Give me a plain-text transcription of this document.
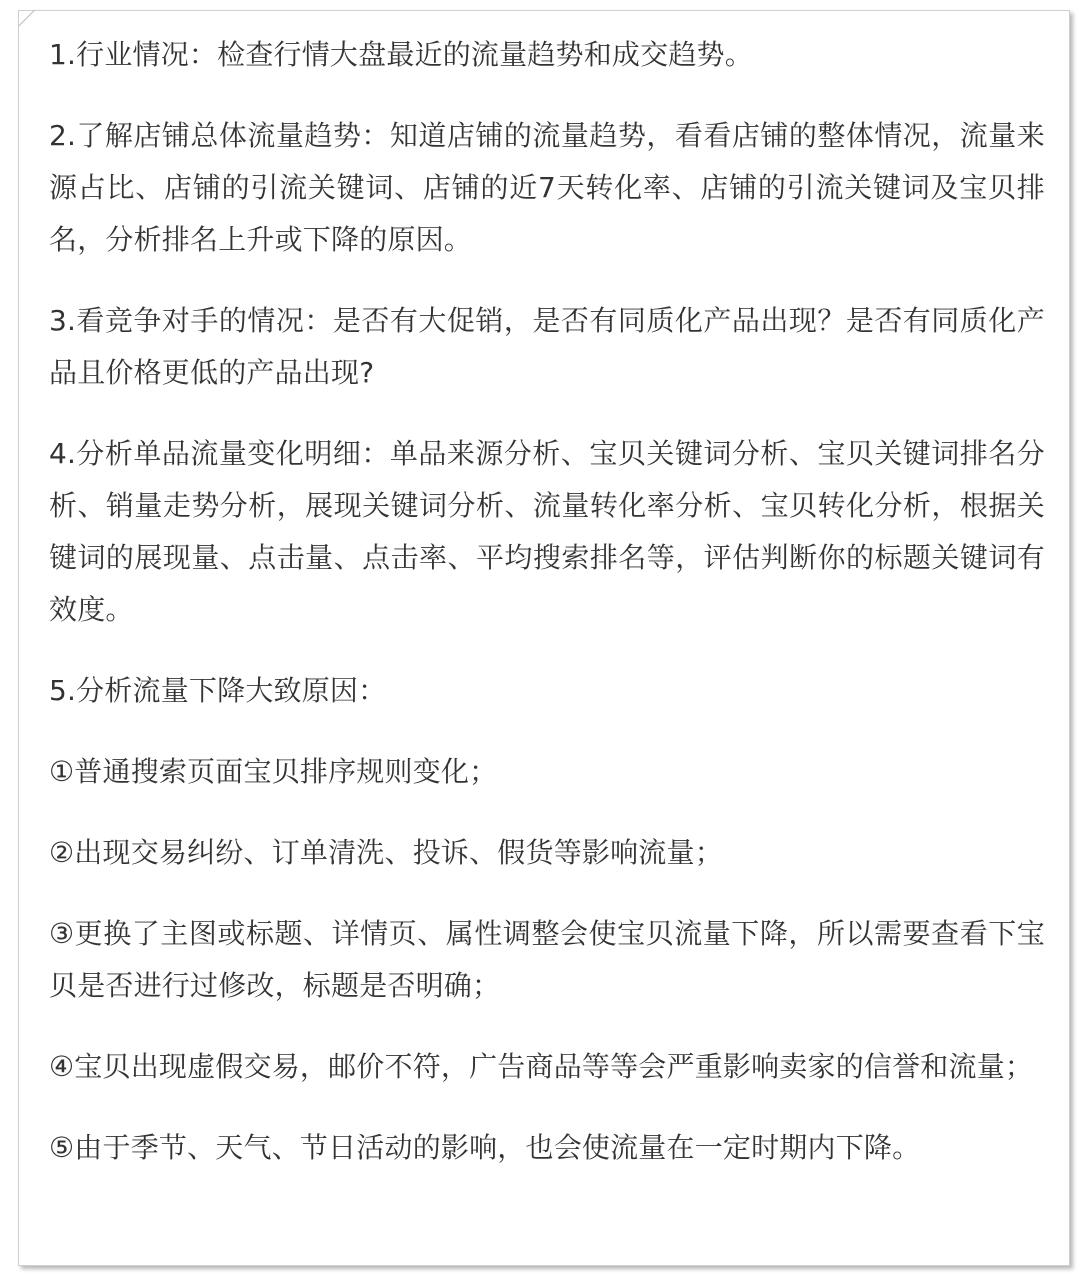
1.行业情况：检查行情大盘最近的流量趋势和成交趋势。

2.了解店铺总体流量趋势：知道店铺的流量趋势，看看店铺的整体情况，流量来源占比、店铺的引流关键词、店铺的近7天转化率、店铺的引流关键词及宝贝排名，分析排名上升或下降的原因。

3.看竞争对手的情况：是否有大促销，是否有同质化产品出现？是否有同质化产品且价格更低的产品出现?

4.分析单品流量变化明细：单品来源分析、宝贝关键词分析、宝贝关键词排名分析、销量走势分析，展现关键词分析、流量转化率分析、宝贝转化分析，根据关键词的展现量、点击量、点击率、平均搜索排名等，评估判断你的标题关键词有效度。

5.分析流量下降大致原因：

①普通搜索页面宝贝排序规则变化；

②出现交易纠纷、订单清洗、投诉、假货等影响流量；

③更换了主图或标题、详情页、属性调整会使宝贝流量下降，所以需要查看下宝贝是否进行过修改，标题是否明确；

④宝贝出现虚假交易，邮价不符，广告商品等等会严重影响卖家的信誉和流量；

⑤由于季节、天气、节日活动的影响，也会使流量在一定时期内下降。
